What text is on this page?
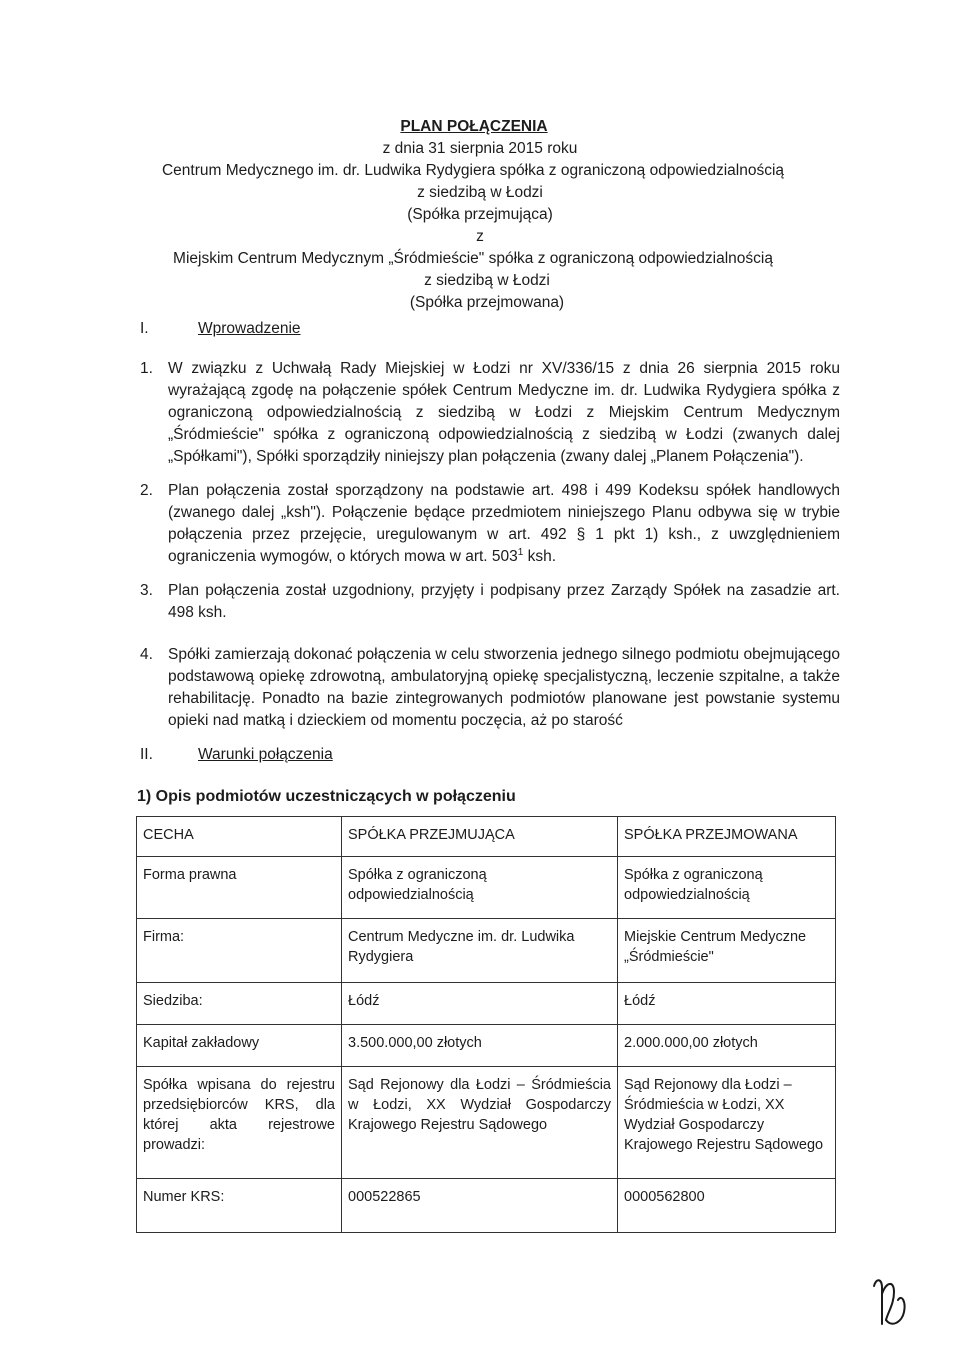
PLAN POŁĄCZENIA
z dnia 31 sierpnia 2015 roku
Centrum Medycznego im. dr. Ludwika Rydygiera spółka z ograniczoną odpowiedzialnością
z siedzibą w Łodzi
(Spółka przejmująca)
z
Miejskim Centrum Medycznym „Śródmieście" spółka z ograniczoną odpowiedzialnością
z siedzibą w Łodzi
(Spółka przejmowana)
I.	Wprowadzenie
1. W związku z Uchwałą Rady Miejskiej w Łodzi nr XV/336/15 z dnia 26 sierpnia 2015 roku wyrażającą zgodę na połączenie spółek Centrum Medyczne im. dr. Ludwika Rydygiera spółka z ograniczoną odpowiedzialnością z siedzibą w Łodzi z Miejskim Centrum Medycznym „Śródmieście" spółka z ograniczoną odpowiedzialnością z siedzibą w Łodzi (zwanych dalej „Spółkami"), Spółki sporządziły niniejszy plan połączenia (zwany dalej „Planem Połączenia").
2. Plan połączenia został sporządzony na podstawie art. 498 i 499 Kodeksu spółek handlowych (zwanego dalej „ksh"). Połączenie będące przedmiotem niniejszego Planu odbywa się w trybie połączenia przez przejęcie, uregulowanym w art. 492 § 1 pkt 1) ksh., z uwzględnieniem ograniczenia wymogów, o których mowa w art. $503^1$ ksh.
3. Plan połączenia został uzgodniony, przyjęty i podpisany przez Zarządy Spółek na zasadzie art. 498 ksh.
4. Spółki zamierzają dokonać połączenia w celu stworzenia jednego silnego podmiotu obejmującego podstawową opiekę zdrowotną, ambulatoryjną opiekę specjalistyczną, leczenie szpitalne, a także rehabilitację. Ponadto na bazie zintegrowanych podmiotów planowane jest powstanie systemu opieki nad matką i dzieckiem od momentu poczęcia, aż po starość
II.	Warunki połączenia
1) Opis podmiotów uczestniczących w połączeniu
CECHA	SPÓŁKA PRZEJMUJĄCA	SPÓŁKA PRZEJMOWANA
Forma prawna	Spółka z ograniczoną odpowiedzialnością	Spółka z ograniczoną odpowiedzialnością
Firma:	Centrum Medyczne im. dr. Ludwika Rydygiera	Miejskie Centrum Medyczne „Śródmieście"
Siedziba:	Łódź	Łódź
Kapitał zakładowy	3.500.000,00 złotych	2.000.000,00 złotych
Spółka wpisana do rejestru przedsiębiorców KRS, dla której akta rejestrowe prowadzi:	Sąd Rejonowy dla Łodzi – Śródmieścia w Łodzi, XX Wydział Gospodarczy Krajowego Rejestru Sądowego	Sąd Rejonowy dla Łodzi – Śródmieścia w Łodzi, XX Wydział Gospodarczy Krajowego Rejestru Sądowego
Numer KRS:	000522865	0000562800
